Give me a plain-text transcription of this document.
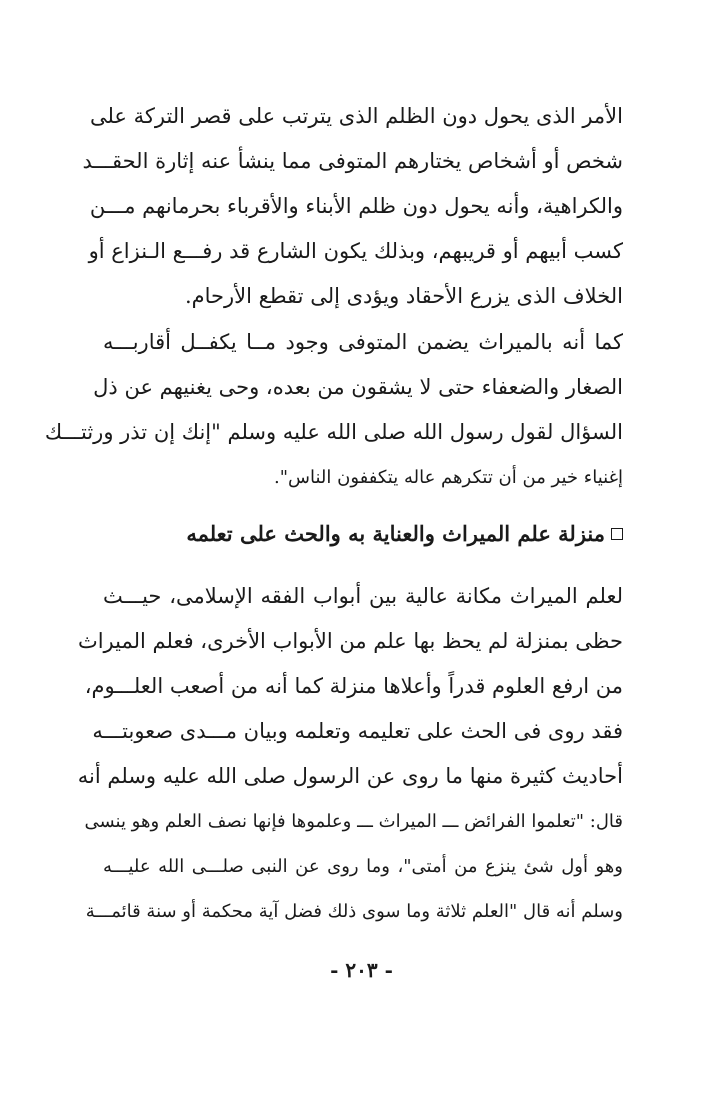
الأمر الذى يحول دون الظلم الذى يترتب على قصر التركة على
شخص أو أشخاص يختارهم المتوفى مما ينشأ عنه إثارة الحقـــد
والكراهية، وأنه يحول دون ظلم الأبناء والأقرباء بحرمانهم مـــن
كسب أبيهم أو قريبهم، وبذلك يكون الشارع قد رفـــع الـنزاع أو
الخلاف الذى يزرع الأحقاد ويؤدى إلى تقطع الأرحام.
كما أنه بالميراث يضمن المتوفى وجود مــا يكفــل أقاربـــه
الصغار والضعفاء حتى لا يشقون من بعده، وحى يغنيهم عن ذل
السؤال لقول رسول الله صلى الله عليه وسلم "إنك إن تذر ورثتـــك
إغنياء خير من أن تتكرهم عاله يتكففون الناس".
منزلة علم الميراث والعناية به والحث على تعلمه
لعلم الميراث مكانة عالية بين أبواب الفقه الإسلامى، حيـــث
حظى بمنزلة لم يحظ بها علم من الأبواب الأخرى، فعلم الميراث
من ارفع العلوم قدراً وأعلاها منزلة كما أنه من أصعب العلـــوم،
فقد روى فى الحث على تعليمه وتعلمه وبيان مـــدى صعوبتـــه
أحاديث كثيرة منها ما روى عن الرسول صلى الله عليه وسلم أنه
قال: "تعلموا الفرائض ـــ الميراث ـــ وعلموها فإنها نصف العلم وهو ينسى
وهو أول شئ ينزع من أمتى"، وما روى عن النبى صلـــى الله عليـــه
وسلم أنه قال "العلم ثلاثة وما سوى ذلك فضل آية محكمة أو سنة قائمـــة
- ٢٠٣ -
